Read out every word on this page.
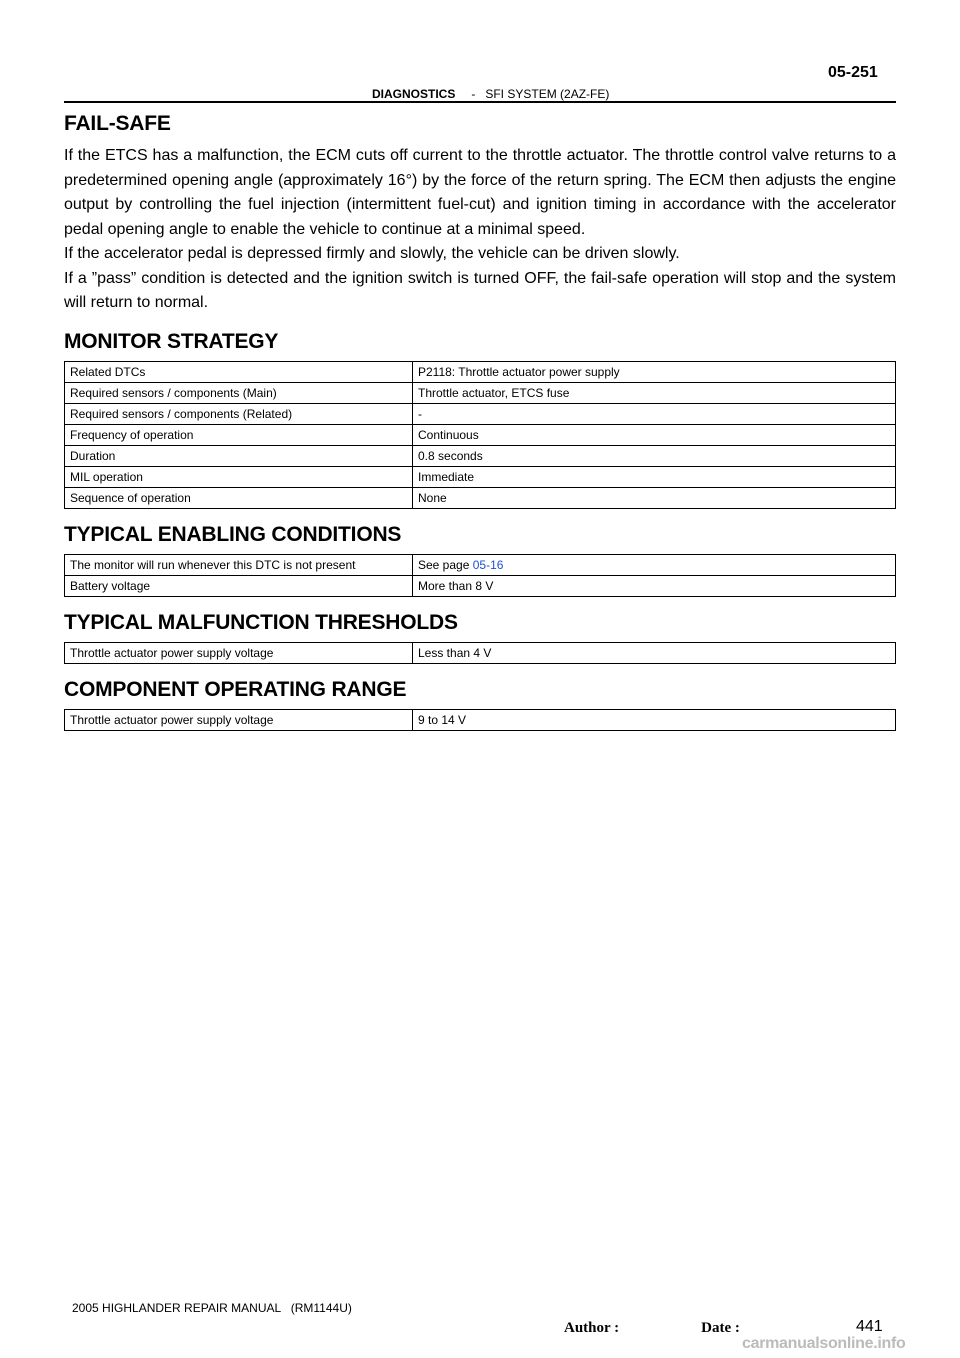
05-251
DIAGNOSTICS - SFI SYSTEM (2AZ-FE)
FAIL-SAFE

If the ETCS has a malfunction, the ECM cuts off current to the throttle actuator. The throttle control valve returns to a predetermined opening angle (approximately 16°) by the force of the return spring. The ECM then adjusts the engine output by controlling the fuel injection (intermittent fuel-cut) and ignition timing in accordance with the accelerator pedal opening angle to enable the vehicle to continue at a minimal speed.

If the accelerator pedal is depressed firmly and slowly, the vehicle can be driven slowly.

If a ”pass” condition is detected and the ignition switch is turned OFF, the fail-safe operation will stop and the system will return to normal.

MONITOR STRATEGY
Related DTCs	P2118: Throttle actuator power supply
Required sensors / components (Main)	Throttle actuator, ETCS fuse
Required sensors / components (Related)	-
Frequency of operation	Continuous
Duration	0.8 seconds
MIL operation	Immediate
Sequence of operation	None
TYPICAL ENABLING CONDITIONS
The monitor will run whenever this DTC is not present	See page 05-16
Battery voltage	More than 8 V
TYPICAL MALFUNCTION THRESHOLDS
Throttle actuator power supply voltage	Less than 4 V
COMPONENT OPERATING RANGE
Throttle actuator power supply voltage	9 to 14 V
2005 HIGHLANDER REPAIR MANUAL   (RM1144U)
Author :	Date :	441
carmanualsonline.info
